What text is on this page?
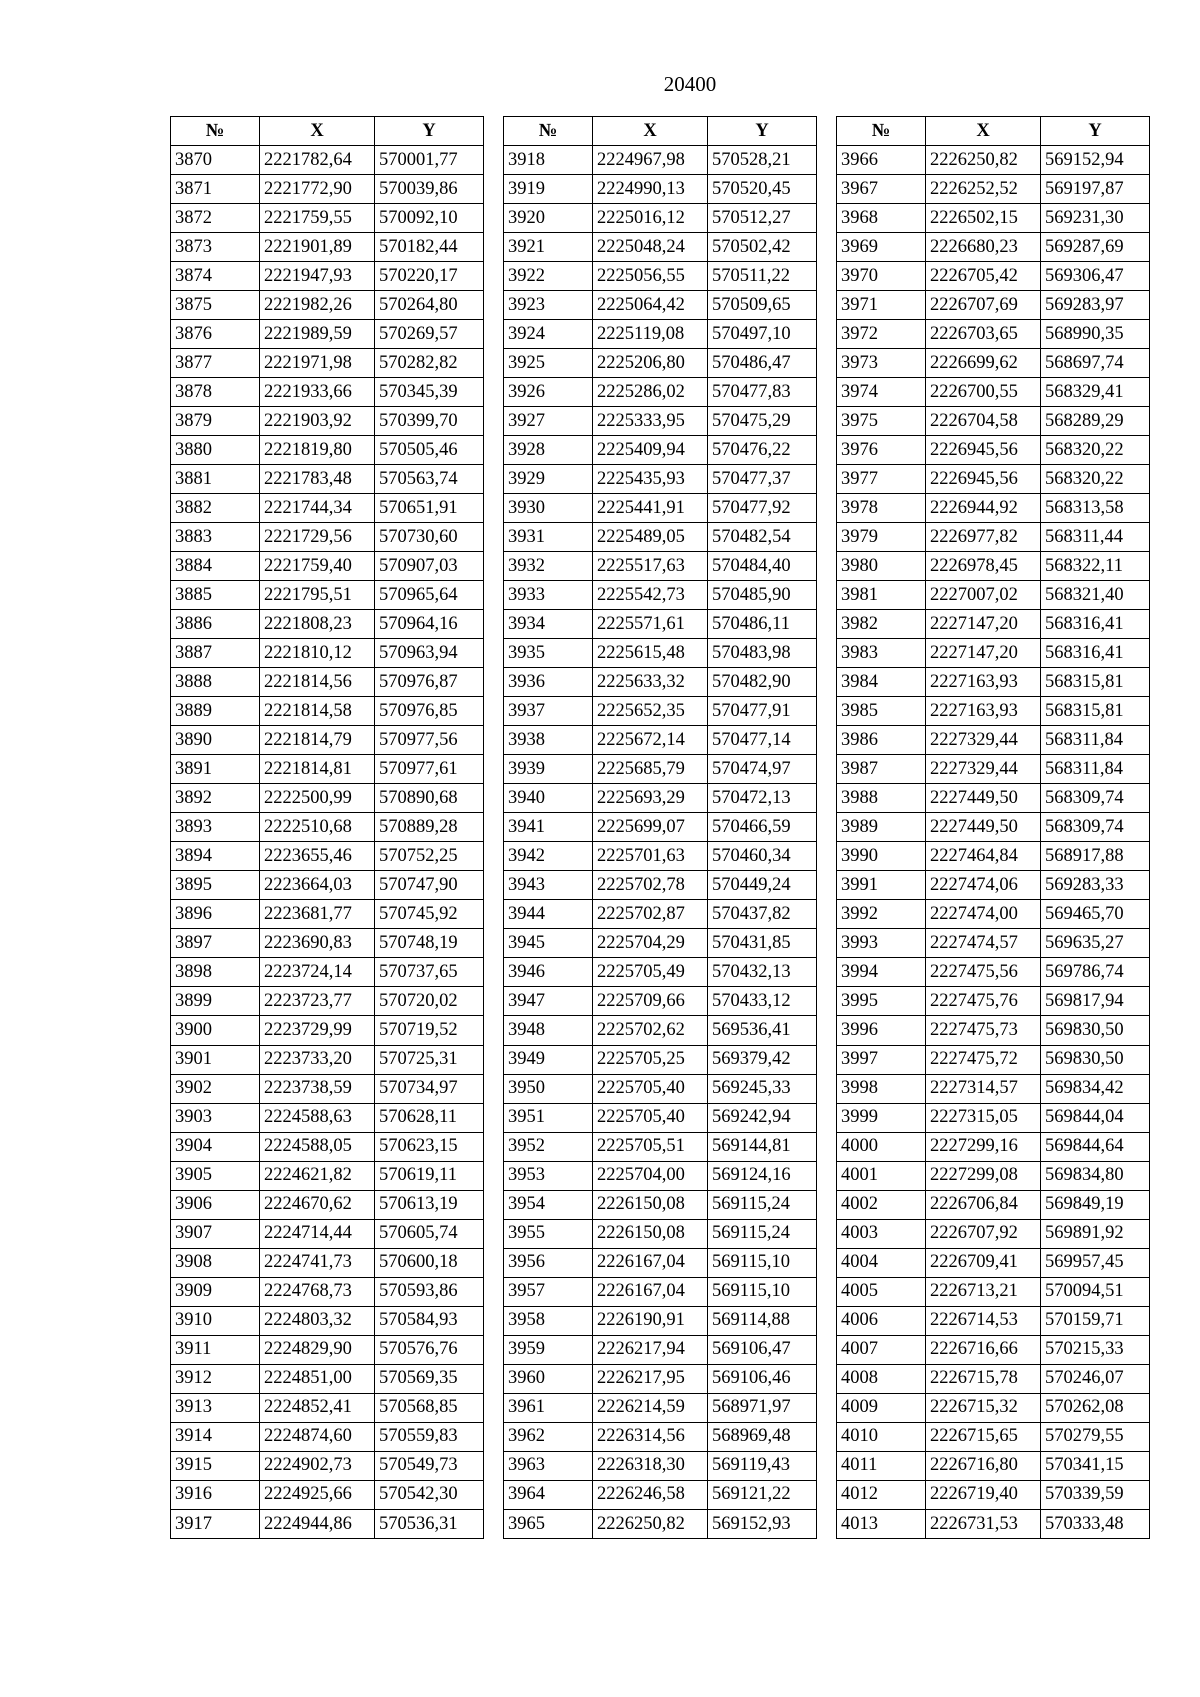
20400
№	X	Y
3870	2221782,64	570001,77
3871	2221772,90	570039,86
3872	2221759,55	570092,10
3873	2221901,89	570182,44
3874	2221947,93	570220,17
3875	2221982,26	570264,80
3876	2221989,59	570269,57
3877	2221971,98	570282,82
3878	2221933,66	570345,39
3879	2221903,92	570399,70
3880	2221819,80	570505,46
3881	2221783,48	570563,74
3882	2221744,34	570651,91
3883	2221729,56	570730,60
3884	2221759,40	570907,03
3885	2221795,51	570965,64
3886	2221808,23	570964,16
3887	2221810,12	570963,94
3888	2221814,56	570976,87
3889	2221814,58	570976,85
3890	2221814,79	570977,56
3891	2221814,81	570977,61
3892	2222500,99	570890,68
3893	2222510,68	570889,28
3894	2223655,46	570752,25
3895	2223664,03	570747,90
3896	2223681,77	570745,92
3897	2223690,83	570748,19
3898	2223724,14	570737,65
3899	2223723,77	570720,02
3900	2223729,99	570719,52
3901	2223733,20	570725,31
3902	2223738,59	570734,97
3903	2224588,63	570628,11
3904	2224588,05	570623,15
3905	2224621,82	570619,11
3906	2224670,62	570613,19
3907	2224714,44	570605,74
3908	2224741,73	570600,18
3909	2224768,73	570593,86
3910	2224803,32	570584,93
3911	2224829,90	570576,76
3912	2224851,00	570569,35
3913	2224852,41	570568,85
3914	2224874,60	570559,83
3915	2224902,73	570549,73
3916	2224925,66	570542,30
3917	2224944,86	570536,31
№	X	Y
3918	2224967,98	570528,21
3919	2224990,13	570520,45
3920	2225016,12	570512,27
3921	2225048,24	570502,42
3922	2225056,55	570511,22
3923	2225064,42	570509,65
3924	2225119,08	570497,10
3925	2225206,80	570486,47
3926	2225286,02	570477,83
3927	2225333,95	570475,29
3928	2225409,94	570476,22
3929	2225435,93	570477,37
3930	2225441,91	570477,92
3931	2225489,05	570482,54
3932	2225517,63	570484,40
3933	2225542,73	570485,90
3934	2225571,61	570486,11
3935	2225615,48	570483,98
3936	2225633,32	570482,90
3937	2225652,35	570477,91
3938	2225672,14	570477,14
3939	2225685,79	570474,97
3940	2225693,29	570472,13
3941	2225699,07	570466,59
3942	2225701,63	570460,34
3943	2225702,78	570449,24
3944	2225702,87	570437,82
3945	2225704,29	570431,85
3946	2225705,49	570432,13
3947	2225709,66	570433,12
3948	2225702,62	569536,41
3949	2225705,25	569379,42
3950	2225705,40	569245,33
3951	2225705,40	569242,94
3952	2225705,51	569144,81
3953	2225704,00	569124,16
3954	2226150,08	569115,24
3955	2226150,08	569115,24
3956	2226167,04	569115,10
3957	2226167,04	569115,10
3958	2226190,91	569114,88
3959	2226217,94	569106,47
3960	2226217,95	569106,46
3961	2226214,59	568971,97
3962	2226314,56	568969,48
3963	2226318,30	569119,43
3964	2226246,58	569121,22
3965	2226250,82	569152,93
№	X	Y
3966	2226250,82	569152,94
3967	2226252,52	569197,87
3968	2226502,15	569231,30
3969	2226680,23	569287,69
3970	2226705,42	569306,47
3971	2226707,69	569283,97
3972	2226703,65	568990,35
3973	2226699,62	568697,74
3974	2226700,55	568329,41
3975	2226704,58	568289,29
3976	2226945,56	568320,22
3977	2226945,56	568320,22
3978	2226944,92	568313,58
3979	2226977,82	568311,44
3980	2226978,45	568322,11
3981	2227007,02	568321,40
3982	2227147,20	568316,41
3983	2227147,20	568316,41
3984	2227163,93	568315,81
3985	2227163,93	568315,81
3986	2227329,44	568311,84
3987	2227329,44	568311,84
3988	2227449,50	568309,74
3989	2227449,50	568309,74
3990	2227464,84	568917,88
3991	2227474,06	569283,33
3992	2227474,00	569465,70
3993	2227474,57	569635,27
3994	2227475,56	569786,74
3995	2227475,76	569817,94
3996	2227475,73	569830,50
3997	2227475,72	569830,50
3998	2227314,57	569834,42
3999	2227315,05	569844,04
4000	2227299,16	569844,64
4001	2227299,08	569834,80
4002	2226706,84	569849,19
4003	2226707,92	569891,92
4004	2226709,41	569957,45
4005	2226713,21	570094,51
4006	2226714,53	570159,71
4007	2226716,66	570215,33
4008	2226715,78	570246,07
4009	2226715,32	570262,08
4010	2226715,65	570279,55
4011	2226716,80	570341,15
4012	2226719,40	570339,59
4013	2226731,53	570333,48
